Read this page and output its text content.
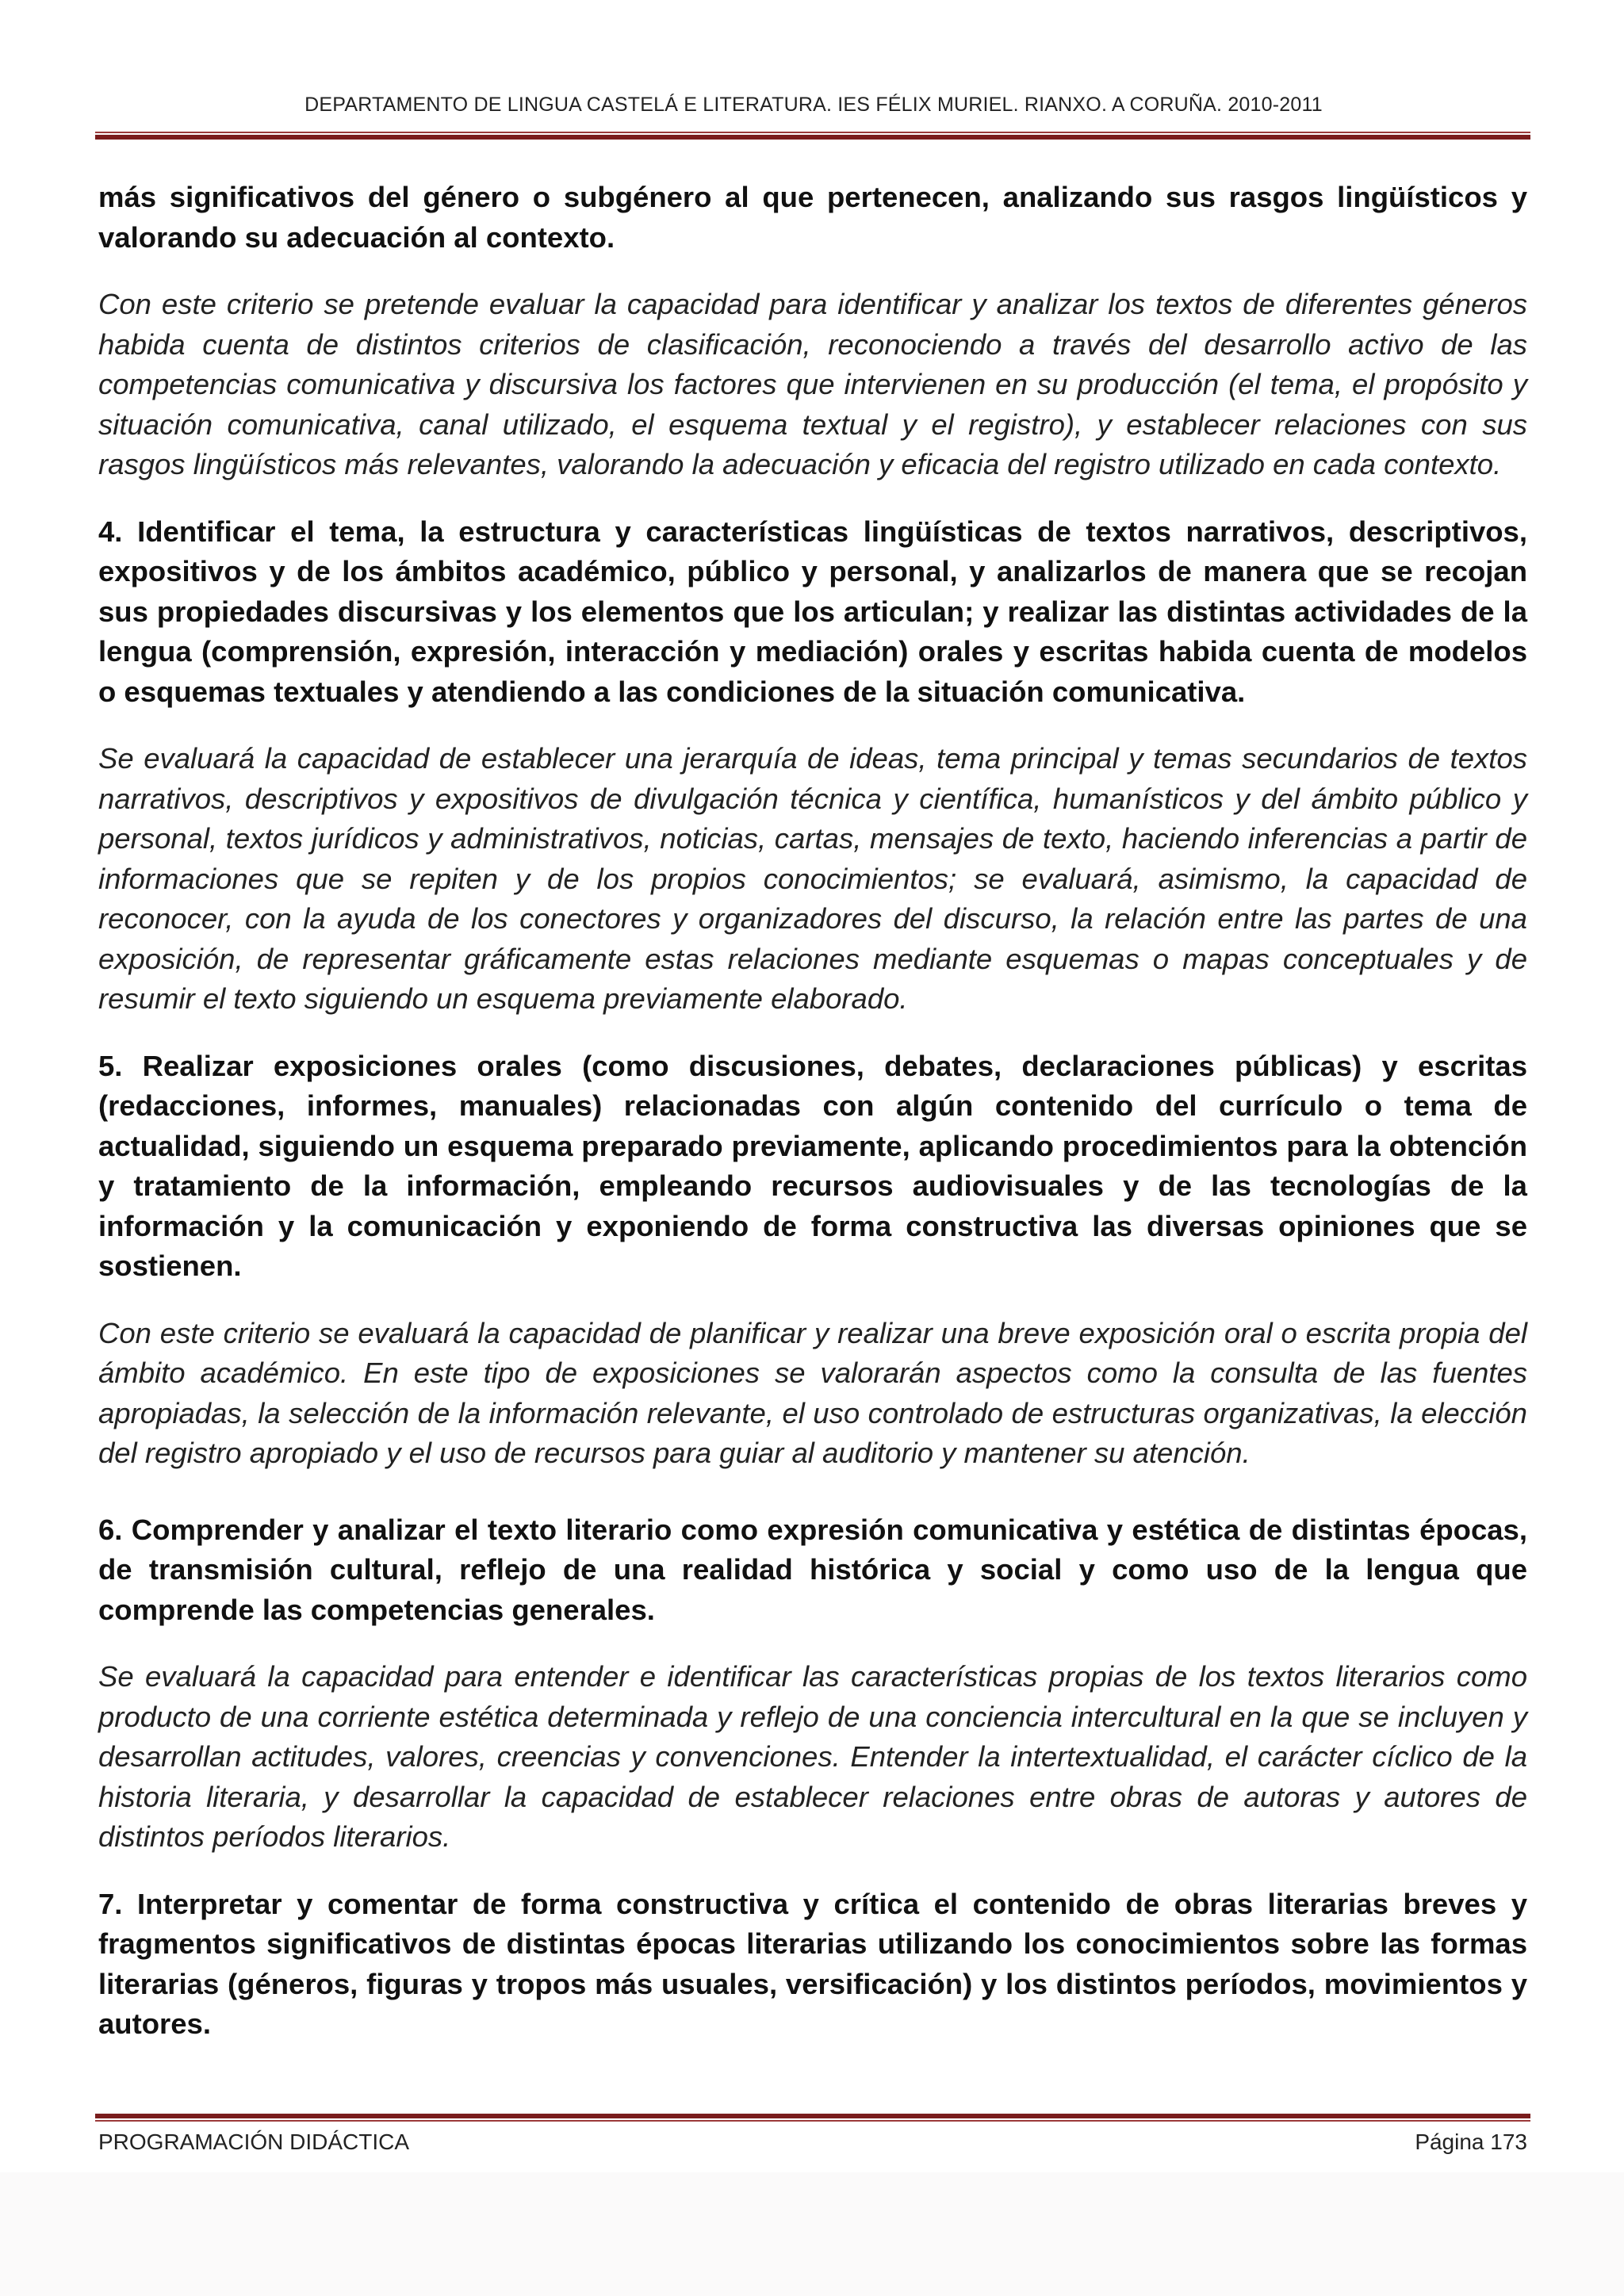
DEPARTAMENTO DE LINGUA CASTELÁ E LITERATURA. IES FÉLIX MURIEL. RIANXO. A CORUÑA. 2010-2011

más significativos del género o subgénero al que pertenecen, analizando sus rasgos lingüísticos y valorando su adecuación al contexto.

Con este criterio se pretende evaluar la capacidad para identificar y analizar los textos de diferentes géneros habida cuenta de distintos criterios de clasificación, reconociendo a través del desarrollo activo de las competencias comunicativa y discursiva los factores que intervienen en su producción (el tema, el propósito y situación comunicativa, canal utilizado, el esquema textual y el registro), y establecer relaciones con sus rasgos lingüísticos más relevantes, valorando la adecuación y eficacia del registro utilizado en cada contexto.

4. Identificar el tema, la estructura y características lingüísticas de textos narrativos, descriptivos, expositivos y de los ámbitos académico, público y personal, y analizarlos de manera que se recojan sus propiedades discursivas y los elementos que los articulan; y realizar las distintas actividades de la lengua (comprensión, expresión, interacción y mediación) orales y escritas habida cuenta de modelos o esquemas textuales y atendiendo a las condiciones de la situación comunicativa.

Se evaluará la capacidad de establecer una jerarquía de ideas, tema principal y temas secundarios de textos narrativos, descriptivos y expositivos de divulgación técnica y científica, humanísticos y del ámbito público y personal, textos jurídicos y administrativos, noticias, cartas, mensajes de texto, haciendo inferencias a partir de informaciones que se repiten y de los propios conocimientos; se evaluará, asimismo, la capacidad de reconocer, con la ayuda de los conectores y organizadores del discurso, la relación entre las partes de una exposición, de representar gráficamente estas relaciones mediante esquemas o mapas conceptuales y de resumir el texto siguiendo un esquema previamente elaborado.

5. Realizar exposiciones orales (como discusiones, debates, declaraciones públicas) y escritas (redacciones, informes, manuales) relacionadas con algún contenido del currículo o tema de actualidad, siguiendo un esquema preparado previamente, aplicando procedimientos para la obtención y tratamiento de la información, empleando recursos audiovisuales y de las tecnologías de la información y la comunicación y exponiendo de forma constructiva las diversas opiniones que se sostienen.

Con este criterio se evaluará la capacidad de planificar y realizar una breve exposición oral o escrita propia del ámbito académico. En este tipo de exposiciones se valorarán aspectos como la consulta de las fuentes apropiadas, la selección de la información relevante, el uso controlado de estructuras organizativas, la elección del registro apropiado y el uso de recursos para guiar al auditorio y mantener su atención.

6. Comprender y analizar el texto literario como expresión comunicativa y estética de distintas épocas, de transmisión cultural, reflejo de una realidad histórica y social y como uso de la lengua que comprende las competencias generales.

Se evaluará la capacidad para entender e identificar las características propias de los textos literarios como producto de una corriente estética determinada y reflejo de una conciencia intercultural en la que se incluyen y desarrollan actitudes, valores, creencias y convenciones. Entender la intertextualidad, el carácter cíclico de la historia literaria, y desarrollar la capacidad de establecer relaciones entre obras de autoras y autores de distintos períodos literarios.

7. Interpretar y comentar de forma constructiva y crítica el contenido de obras literarias breves y fragmentos significativos de distintas épocas literarias utilizando los conocimientos sobre las formas literarias (géneros, figuras y tropos más usuales, versificación) y los distintos períodos, movimientos y autores.

PROGRAMACIÓN DIDÁCTICA	Página 173
